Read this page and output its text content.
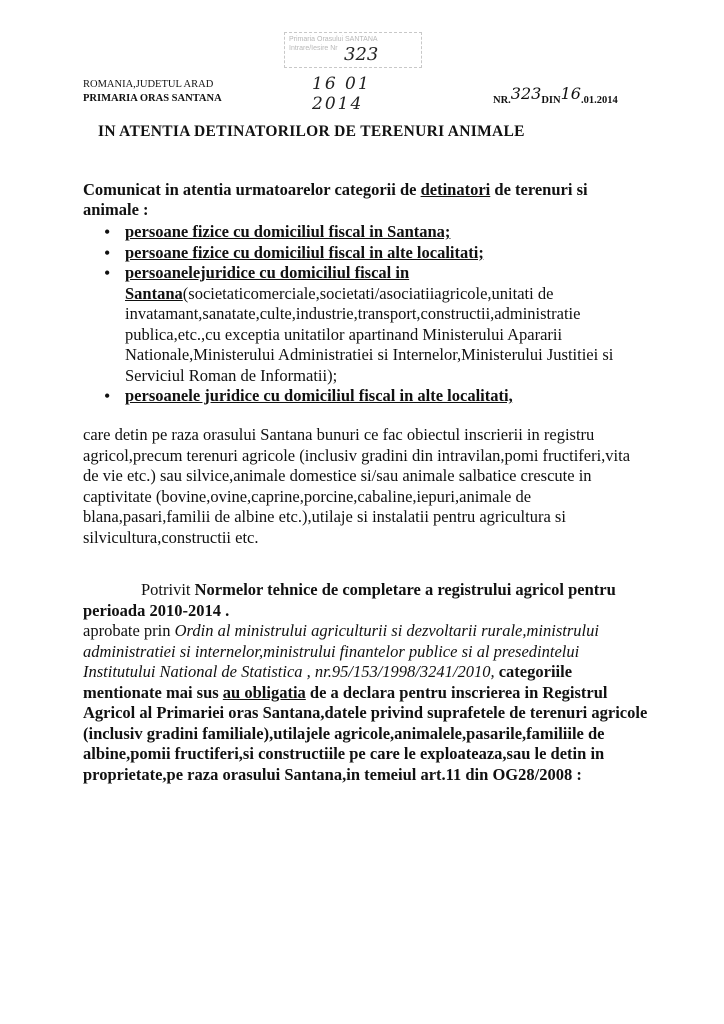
ROMANIA,JUDETUL ARAD
PRIMARIA ORAS SANTANA
Primaria Orasului SANTANA Intrare/Iesire Nr 323
16 01 2014	NR.323DIN16.01.2014
IN ATENTIA DETINATORILOR DE TERENURI ANIMALE
Comunicat in atentia urmatoarelor categorii de detinatori de terenuri si animale :
• persoane fizice cu domiciliul fiscal in Santana;
• persoane fizice cu domiciliul fiscal in alte localitati;
• persoanelejuridice cu domiciliul fiscal in Santana(societaticomerciale,societati/asociatiiagricole,unitati de invatamant,sanatate,culte,industrie,transport,constructii,administratie publica,etc.,cu exceptia unitatilor apartinand Ministerului Apararii Nationale,Ministerului Administratiei si Internelor,Ministerului Justitiei si Serviciul Roman de Informatii);
• persoanele juridice cu domiciliul fiscal in alte localitati,
care detin pe raza orasului Santana bunuri ce fac obiectul inscrierii in registru agricol,precum terenuri agricole (inclusiv gradini din intravilan,pomi fructiferi,vita de vie etc.) sau silvice,animale domestice si/sau animale salbatice crescute in captivitate (bovine,ovine,caprine,porcine,cabaline,iepuri,animale de blana,pasari,familii de albine etc.),utilaje si instalatii pentru agricultura si silvicultura,constructii etc.
Potrivit Normelor tehnice de completare a registrului agricol pentru perioada 2010-2014 .
aprobate prin Ordin al ministrului agriculturii si dezvoltarii rurale,ministrului administratiei si internelor,ministrului finantelor publice si al presedintelui Institutului National de Statistica , nr.95/153/1998/3241/2010, categoriile mentionate mai sus au obligatia de a declara pentru inscrierea in Registrul Agricol al Primariei oras Santana,datele privind suprafetele de terenuri agricole (inclusiv gradini familiale),utilajele agricole,animalele,pasarile,familiile de albine,pomii fructiferi,si constructiile pe care le exploateaza,sau le detin in proprietate,pe raza orasului Santana,in temeiul art.11 din OG28/2008 :
